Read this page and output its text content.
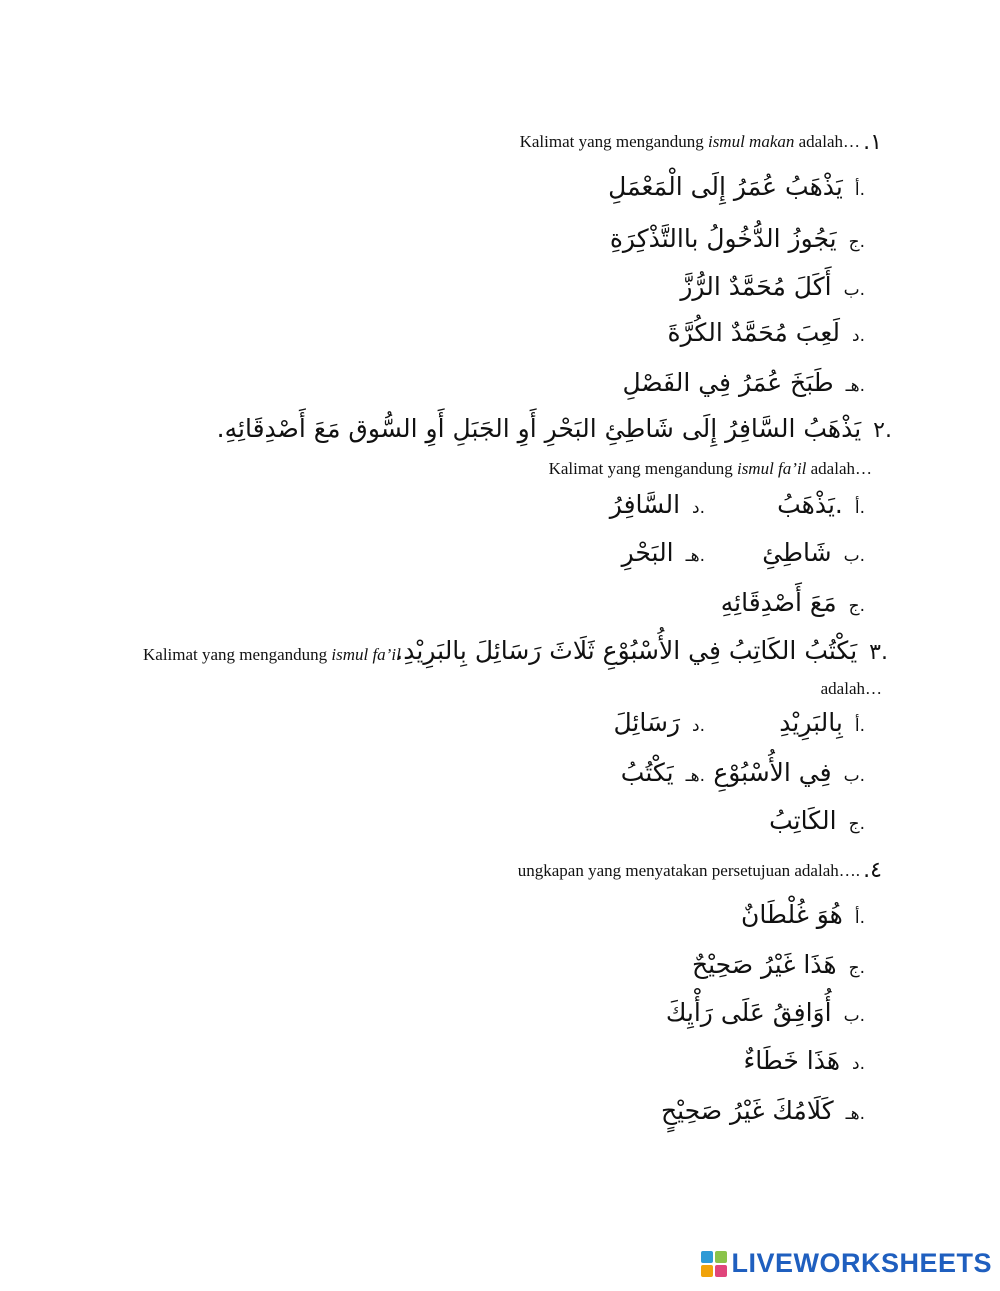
Kalimat yang mengandung ismul makan adalah… ١.
أ.
يَذْهَبُ عُمَرُ إِلَى الْمَعْمَلِ
ج.
يَجُوزُ الدُّخُولُ باالتَّذْكِرَةِ
ب.
أَكَلَ مُحَمَّدٌ الرُّزَّ
د.
لَعِبَ مُحَمَّدٌ الكُرَّةَ
هـ.
طَبَخَ عُمَرُ فِي الفَصْلِ
٢.
يَذْهَبُ السَّافِرُ إِلَى شَاطِئِ البَحْرِ أَوِ الجَبَلِ أَوِ السُّوق مَعَ أَصْدِقَائِهِ.
Kalimat yang mengandung ismul fa’il adalah…
أ.
.يَذْهَبُ
د.
السَّافِرُ
ب.
شَاطِئِ
هـ.
البَحْرِ
ج.
مَعَ أَصْدِقَائِهِ
Kalimat yang mengandung ismul fa’il	٣.
يَكْتُبُ الكَاتِبُ فِي الأُسْبُوْعِ ثَلَاثَ رَسَائِلَ بِالبَرِيْدِ.
adalah…
أ.
بِالبَرِيْدِ
د.
رَسَائِلَ
ب.
فِي الأُسْبُوْعِ
هـ.
يَكْتُبُ
ج.
الكَاتِبُ
ungkapan yang menyatakan persetujuan adalah…. ٤.
أ.
هُوَ غُلْطَانٌ
ج.
هَذَا غَيْرُ صَحِيْحٌ
ب.
أُوَافِقُ عَلَى رَأْيِكَ
د.
هَذَا خَطَاءٌ
هـ.
كَلَامُكَ غَيْرُ صَحِيْحٍ
LIVEWORKSHEETS
